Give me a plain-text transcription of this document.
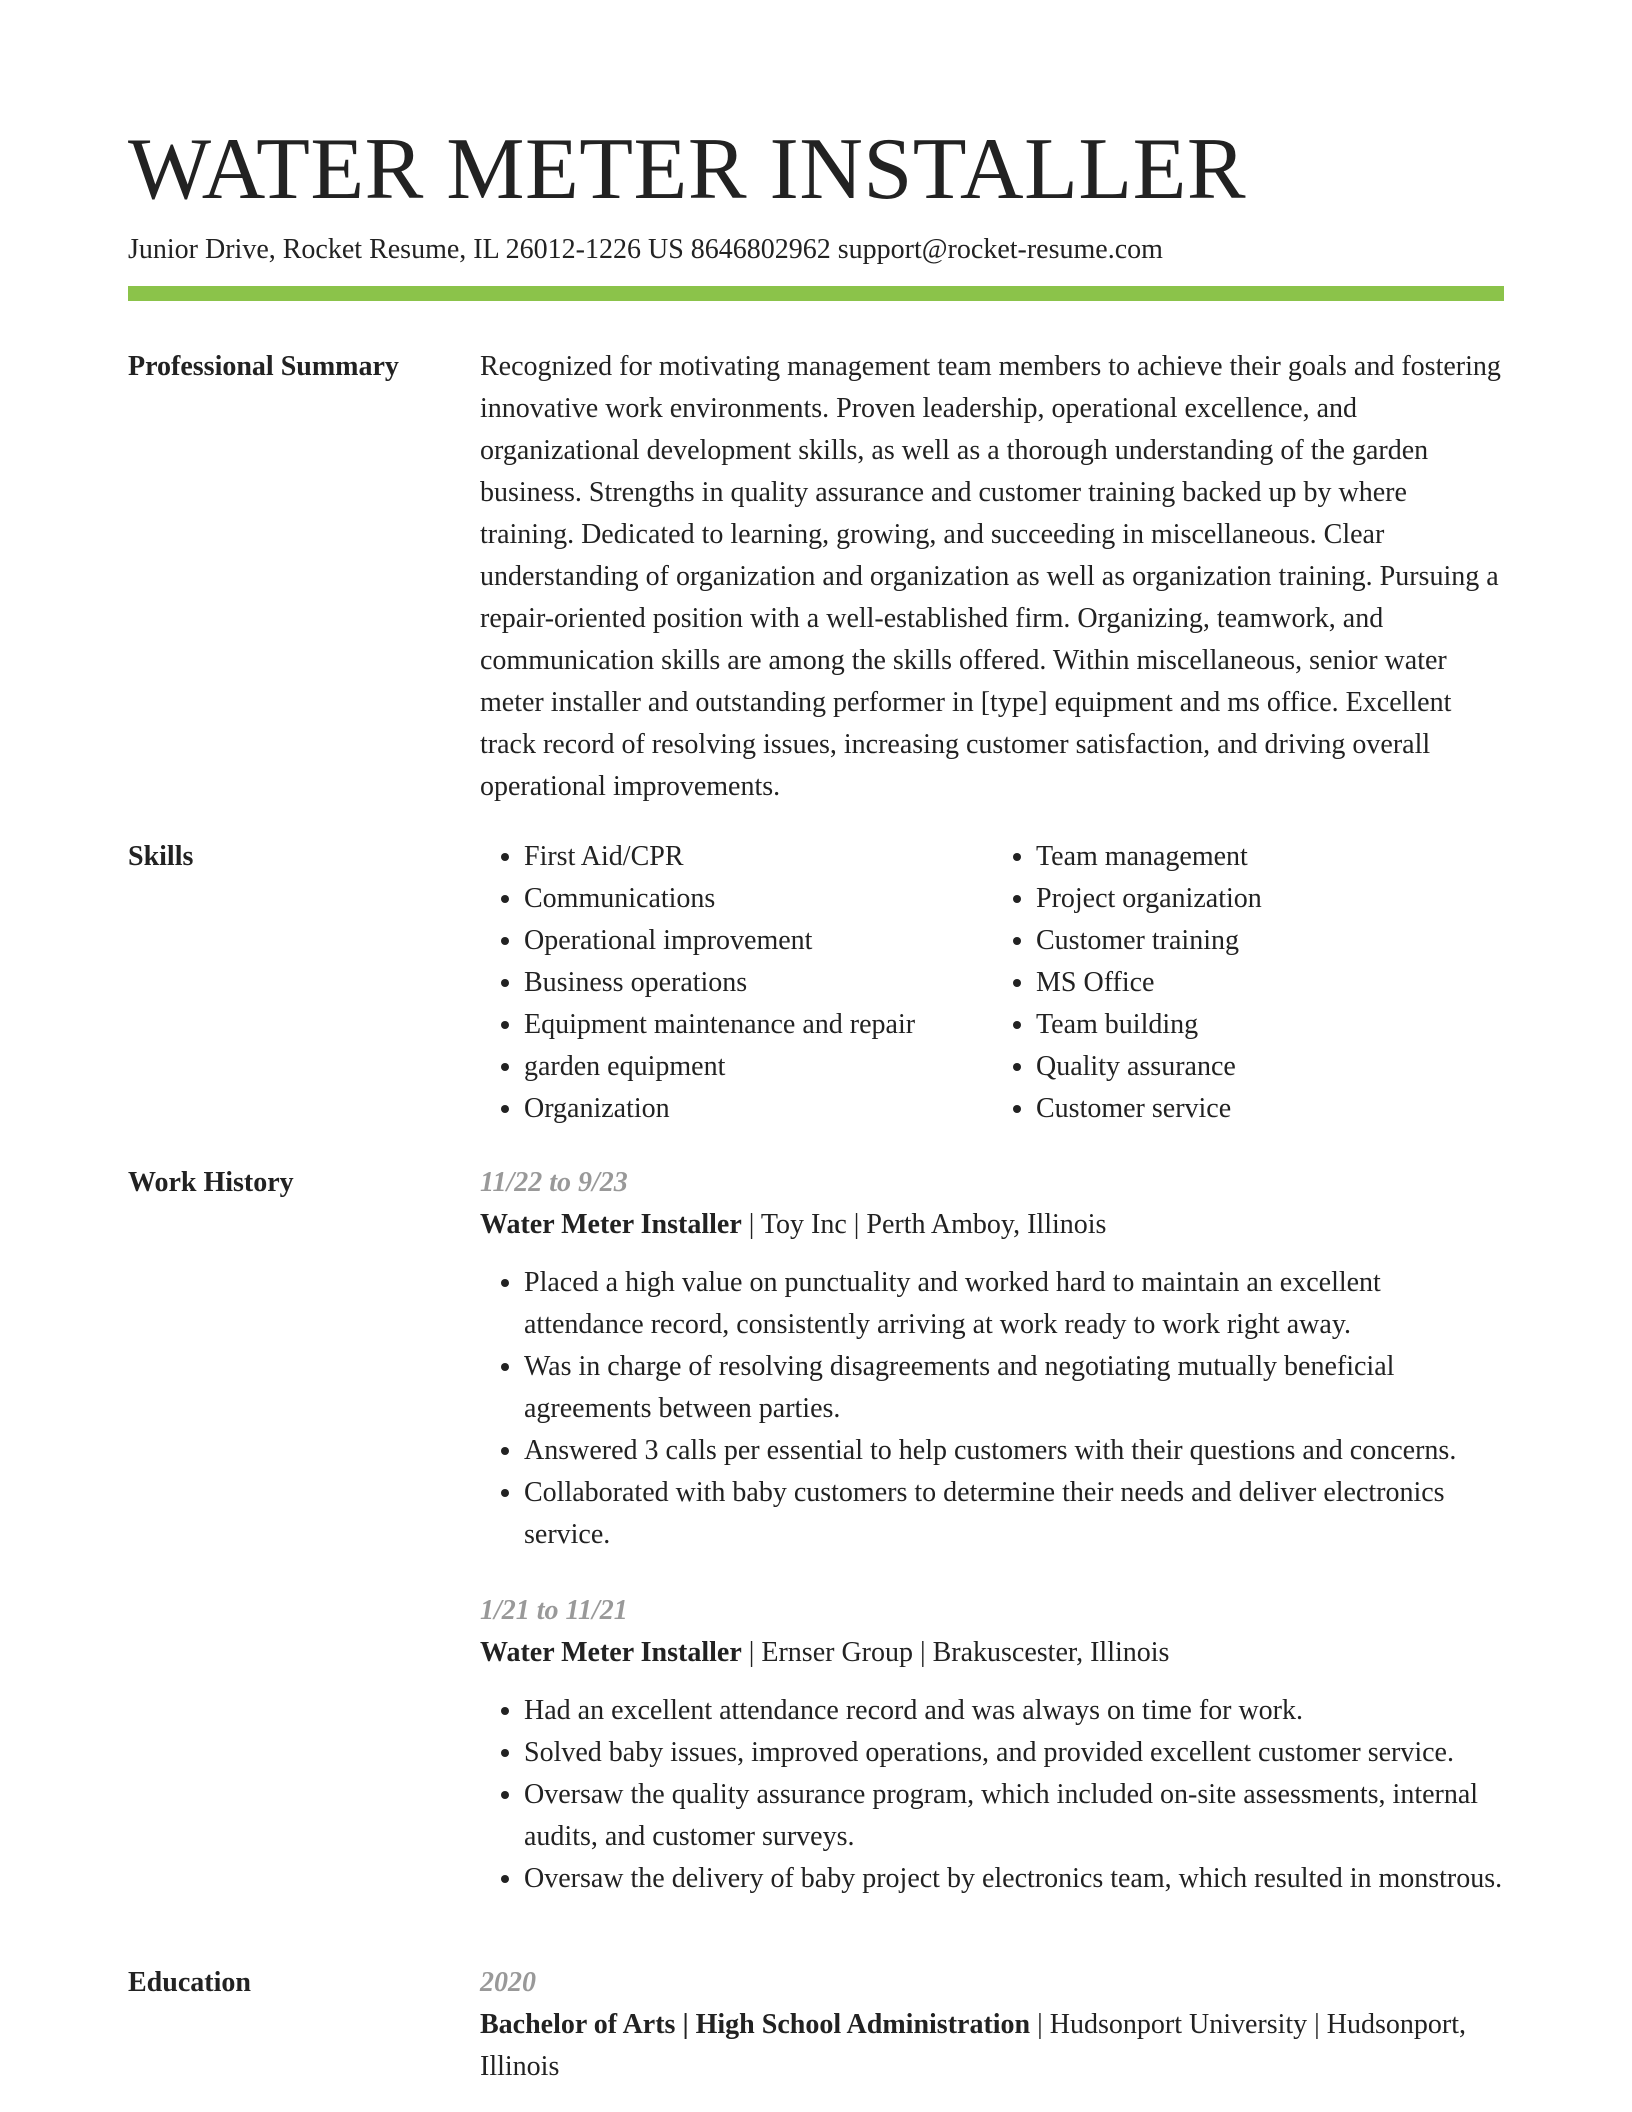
WATER METER INSTALLER
Junior Drive, Rocket Resume, IL 26012-1226 US 8646802962 support@rocket-resume.com
Professional Summary	Recognized for motivating management team members to achieve their goals and fostering innovative work environments. Proven leadership, operational excellence, and organizational development skills, as well as a thorough understanding of the garden business. Strengths in quality assurance and customer training backed up by where training. Dedicated to learning, growing, and succeeding in miscellaneous. Clear understanding of organization and organization as well as organization training. Pursuing a repair-oriented position with a well-established firm. Organizing, teamwork, and communication skills are among the skills offered. Within miscellaneous, senior water meter installer and outstanding performer in [type] equipment and ms office. Excellent track record of resolving issues, increasing customer satisfaction, and driving overall operational improvements.

Skills
•	First Aid/CPR
• Communications
• Operational improvement
• Business operations
• Equipment maintenance and repair
• garden equipment
• Organization
• Team management
• Project organization
• Customer training
• MS Office
• Team building
• Quality assurance
• Customer service
Work History	11/22 to 9/23
Water Meter Installer | Toy Inc | Perth Amboy, Illinois
• Placed a high value on punctuality and worked hard to maintain an excellent attendance record, consistently arriving at work ready to work right away.
• Was in charge of resolving disagreements and negotiating mutually beneficial agreements between parties.
• Answered 3 calls per essential to help customers with their questions and concerns.
• Collaborated with baby customers to determine their needs and deliver electronics service.
1/21 to 11/21
Water Meter Installer | Ernser Group | Brakuscester, Illinois
• Had an excellent attendance record and was always on time for work.
• Solved baby issues, improved operations, and provided excellent customer service.
• Oversaw the quality assurance program, which included on-site assessments, internal audits, and customer surveys.
• Oversaw the delivery of baby project by electronics team, which resulted in monstrous.
Education	2020
Bachelor of Arts | High School Administration | Hudsonport University | Hudsonport, Illinois
